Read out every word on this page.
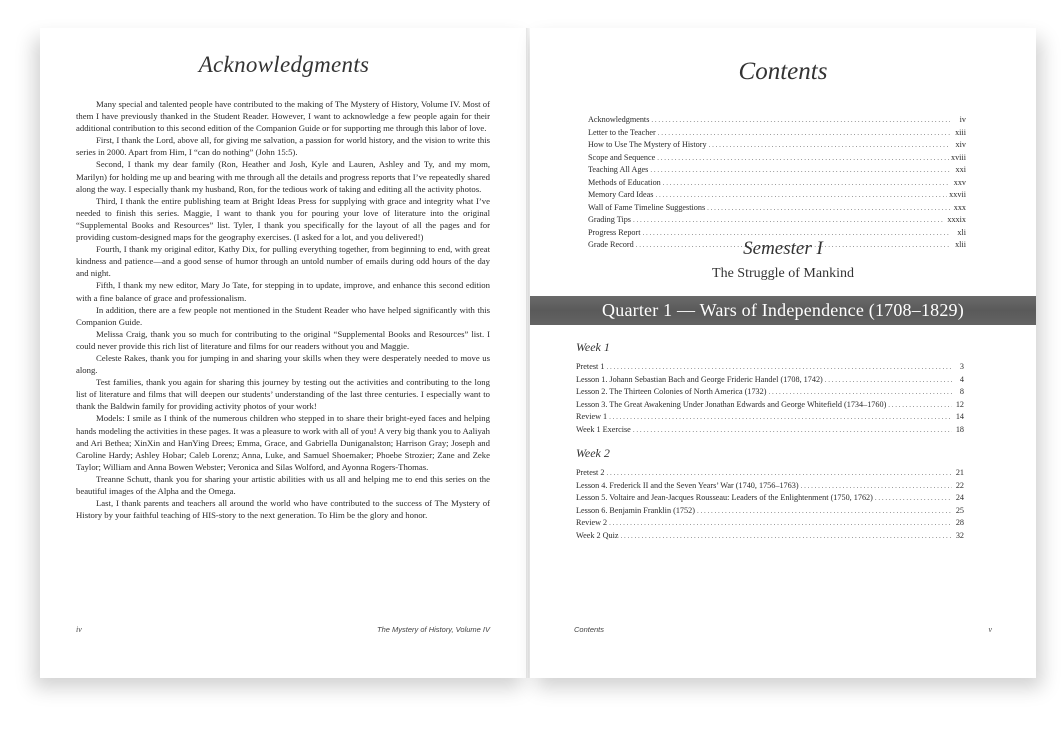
Acknowledgments

Many special and talented people have contributed to the making of The Mystery of History, Volume IV. Most of them I have previously thanked in the Student Reader. However, I want to acknowledge a few people again for their additional contribution to this second edition of the Companion Guide or for supporting me through this labor of love.

First, I thank the Lord, above all, for giving me salvation, a passion for world history, and the vision to write this series in 2000. Apart from Him, I “can do nothing” (John 15:5).

Second, I thank my dear family (Ron, Heather and Josh, Kyle and Lauren, Ashley and Ty, and my mom, Marilyn) for holding me up and bearing with me through all the details and progress reports that I’ve repeatedly shared along the way. I especially thank my husband, Ron, for the tedious work of taking and editing all the activity photos.

Third, I thank the entire publishing team at Bright Ideas Press for supplying with grace and integrity what I’ve needed to finish this series. Maggie, I want to thank you for pouring your love of literature into the original “Supplemental Books and Resources” list. Tyler, I thank you specifically for the layout of all the pages and for providing custom-designed maps for the geography exercises. (I asked for a lot, and you delivered!)

Fourth, I thank my original editor, Kathy Dix, for pulling everything together, from beginning to end, with great kindness and patience—and a good sense of humor through an untold number of emails during odd hours of the day and night.

Fifth, I thank my new editor, Mary Jo Tate, for stepping in to update, improve, and enhance this second edition with a fine balance of grace and professionalism.

In addition, there are a few people not mentioned in the Student Reader who have helped significantly with this Companion Guide.

Melissa Craig, thank you so much for contributing to the original “Supplemental Books and Resources” list. I could never provide this rich list of literature and films for our readers without you and Maggie.

Celeste Rakes, thank you for jumping in and sharing your skills when they were desperately needed to move us along.

Test families, thank you again for sharing this journey by testing out the activities and contributing to the long list of literature and films that will deepen our students’ understanding of the last three centuries. I especially want to thank the Baldwin family for providing activity photos of your work!

Models: I smile as I think of the numerous children who stepped in to share their bright-eyed faces and helping hands modeling the activities in these pages. It was a pleasure to work with all of you! A very big thank you to Aaliyah and Ari Bethea; XinXin and HanYing Drees; Emma, Grace, and Gabriella Duniganalston; Harrison Gray; Joseph and Caroline Hardy; Ashley Hobar; Caleb Lorenz; Anna, Luke, and Samuel Shoemaker; Phoebe Strozier; Zane and Zeke Taylor; William and Anna Bowen Webster; Veronica and Silas Wolford, and Ayonna Rogers-Thomas.

Treanne Schutt, thank you for sharing your artistic abilities with us all and helping me to end this series on the beautiful images of the Alpha and the Omega.

Last, I thank parents and teachers all around the world who have contributed to the success of The Mystery of History by your faithful teaching of HIS-story to the next generation. To Him be the glory and honor.

iv	The Mystery of History, Volume IV
Contents
Acknowledgments . . .	iv
Letter to the Teacher . . .	xiii
How to Use The Mystery of History . . .	xiv
Scope and Sequence . . .	xviii
Teaching All Ages . . .	xxi
Methods of Education . . .	xxv
Memory Card Ideas . . .	xxvii
Wall of Fame Timeline Suggestions . . .	xxx
Grading Tips . . .	xxxix
Progress Report . . .	xli
Grade Record . . .	xlii
Semester I
The Struggle of Mankind
Quarter 1 — Wars of Independence (1708–1829)
Week 1
Pretest 1 . . .	3
Lesson 1. Johann Sebastian Bach and George Frideric Handel (1708, 1742) . . .	4
Lesson 2. The Thirteen Colonies of North America (1732) . . .	8
Lesson 3. The Great Awakening Under Jonathan Edwards and George Whitefield (1734–1760) . . .	12
Review 1 . . .	14
Week 1 Exercise . . .	18
Week 2
Pretest 2 . . .	21
Lesson 4. Frederick II and the Seven Years’ War (1740, 1756–1763) . . .	22
Lesson 5. Voltaire and Jean-Jacques Rousseau: Leaders of the Enlightenment (1750, 1762) . . .	24
Lesson 6. Benjamin Franklin (1752) . . .	25
Review 2 . . .	28
Week 2 Quiz . . .	32
Contents	v
